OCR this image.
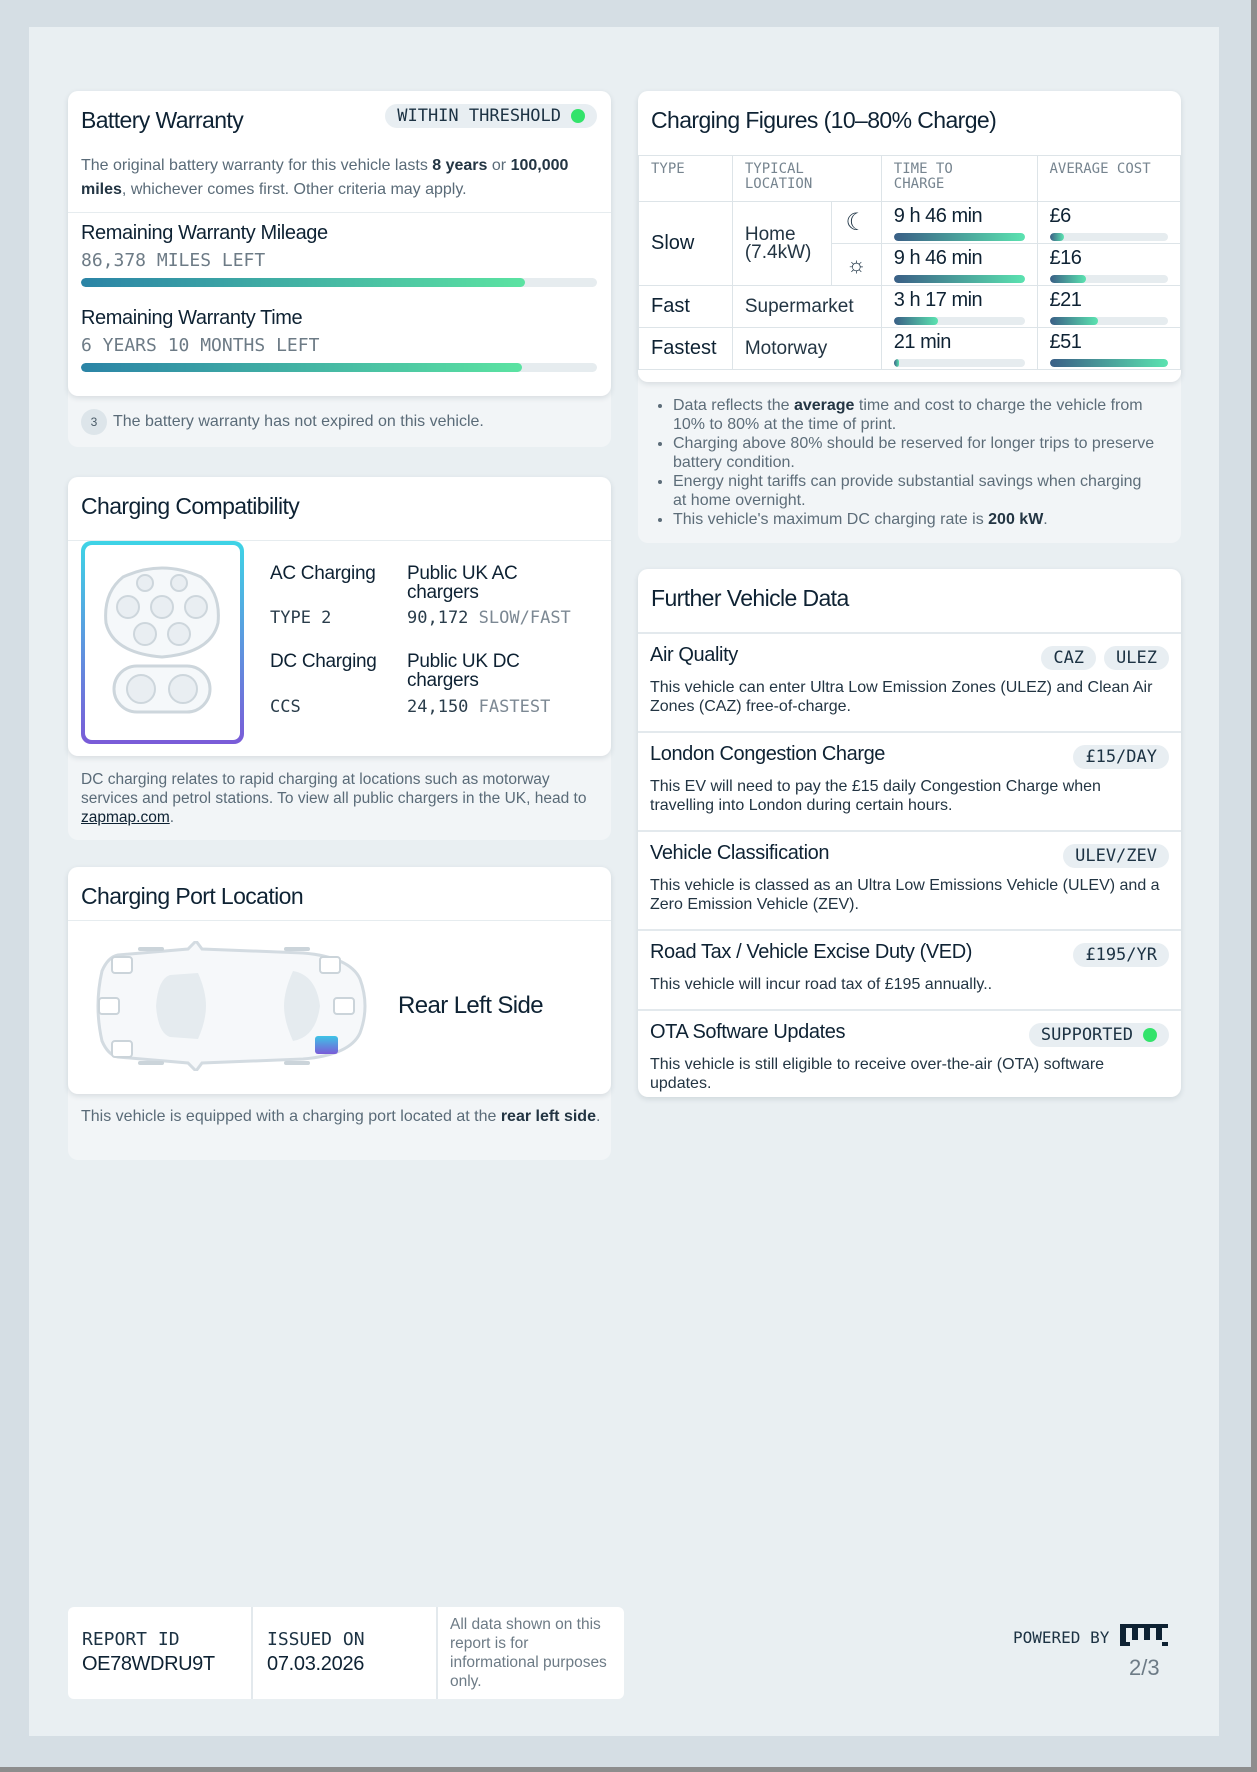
Battery Warranty	WITHIN THRESHOLD
The original battery warranty for this vehicle lasts 8 years or 100,000
miles, whichever comes first. Other criteria may apply.
Remaining Warranty Mileage
86,378 MILES LEFT
Remaining Warranty Time
6 YEARS 10 MONTHS LEFT
3 The battery warranty has not expired on this vehicle.
Charging Compatibility
AC Charging
TYPE 2
Public UK AC chargers
90,172 SLOW/FAST
DC Charging
CCS
Public UK DC chargers
24,150 FASTEST
DC charging relates to rapid charging at locations such as motorway services and petrol stations. To view all public chargers in the UK, head to zapmap.com.
Charging Port Location
Rear Left Side
This vehicle is equipped with a charging port located at the rear left side.
Charging Figures (10–80% Charge)
TYPE	TYPICAL LOCATION		TIME TO CHARGE	AVERAGE COST
Slow	Home (7.4kW)	☾	9 h 46 min	£6

		☼	9 h 46 min	£16

Fast	Supermarket		3 h 17 min	£21

Fastest	Motorway		21 min	£51
• Data reflects the average time and cost to charge the vehicle from 10% to 80% at the time of print.
• Charging above 80% should be reserved for longer trips to preserve battery condition.
• Energy night tariffs can provide substantial savings when charging at home overnight.
• This vehicle's maximum DC charging rate is 200 kW.
Further Vehicle Data
Air Quality	CAZ	ULEZ
This vehicle can enter Ultra Low Emission Zones (ULEZ) and Clean Air Zones (CAZ) free-of-charge.
London Congestion Charge	£15/DAY
This EV will need to pay the £15 daily Congestion Charge when travelling into London during certain hours.
Vehicle Classification	ULEV/ZEV
This vehicle is classed as an Ultra Low Emissions Vehicle (ULEV) and a Zero Emission Vehicle (ZEV).
Road Tax / Vehicle Excise Duty (VED)	£195/YR
This vehicle will incur road tax of £195 annually..
OTA Software Updates	SUPPORTED
This vehicle is still eligible to receive over-the-air (OTA) software updates.
REPORT ID
OE78WDRU9T
ISSUED ON
07.03.2026
All data shown on this report is for informational purposes only.
POWERED BY
2/3
